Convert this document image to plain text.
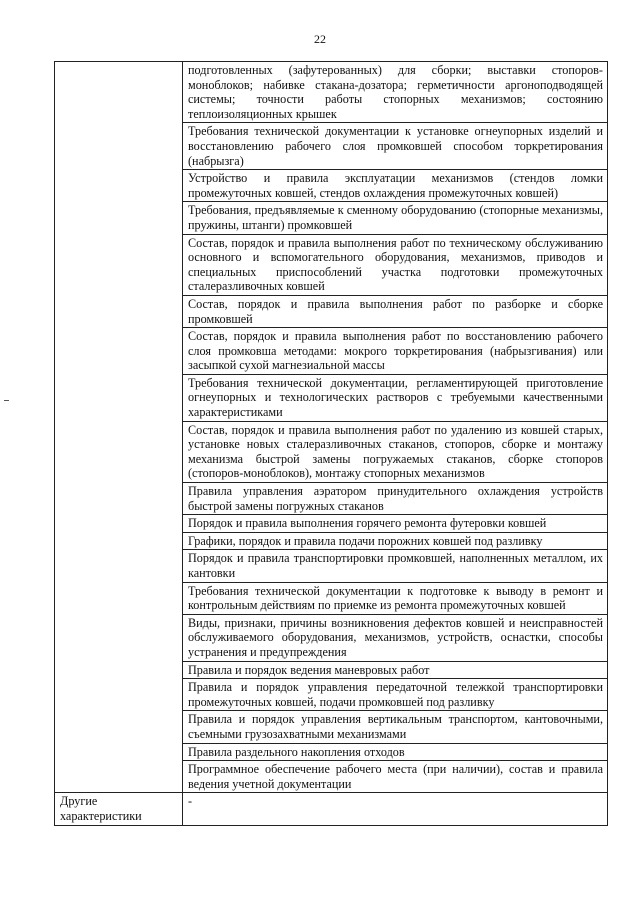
22
	подготовленных (зафутерованных) для сборки; выставки стопоров-моноблоков; набивке стакана-дозатора; герметичности аргоноподводящей системы; точности работы стопорных механизмов; состоянию теплоизоляционных крышек
	Требования технической документации к установке огнеупорных изделий и восстановлению рабочего слоя промковшей способом торкретирования (набрызга)
	Устройство и правила эксплуатации механизмов (стендов ломки промежуточных ковшей, стендов охлаждения промежуточных ковшей)
	Требования, предъявляемые к сменному оборудованию (стопорные механизмы, пружины, штанги) промковшей
	Состав, порядок и правила выполнения работ по техническому обслуживанию основного и вспомогательного оборудования, механизмов, приводов и специальных приспособлений участка подготовки промежуточных сталеразливочных ковшей
	Состав, порядок и правила выполнения работ по разборке и сборке промковшей
	Состав, порядок и правила выполнения работ по восстановлению рабочего слоя промковша методами: мокрого торкретирования (набрызгивания) или засыпкой сухой магнезиальной массы
	Требования технической документации, регламентирующей приготовление огнеупорных и технологических растворов с требуемыми качественными характеристиками
	Состав, порядок и правила выполнения работ по удалению из ковшей старых, установке новых сталеразливочных стаканов, стопоров, сборке и монтажу механизма быстрой замены погружаемых стаканов, сборке стопоров (стопоров-моноблоков), монтажу стопорных механизмов
	Правила управления аэратором принудительного охлаждения устройств быстрой замены погружных стаканов
	Порядок и правила выполнения горячего ремонта футеровки ковшей
	Графики, порядок и правила подачи порожних ковшей под разливку
	Порядок и правила транспортировки промковшей, наполненных металлом, их кантовки
	Требования технической документации к подготовке к выводу в ремонт и контрольным действиям по приемке из ремонта промежуточных ковшей
	Виды, признаки, причины возникновения дефектов ковшей и неисправностей обслуживаемого оборудования, механизмов, устройств, оснастки, способы устранения и предупреждения
	Правила и порядок ведения маневровых работ
	Правила и порядок управления передаточной тележкой транспортировки промежуточных ковшей, подачи промковшей под разливку
	Правила и порядок управления вертикальным транспортом, кантовочными, съемными грузозахватными механизмами
	Правила раздельного накопления отходов
	Программное обеспечение рабочего места (при наличии), состав и правила ведения учетной документации
Другие характеристики	-
